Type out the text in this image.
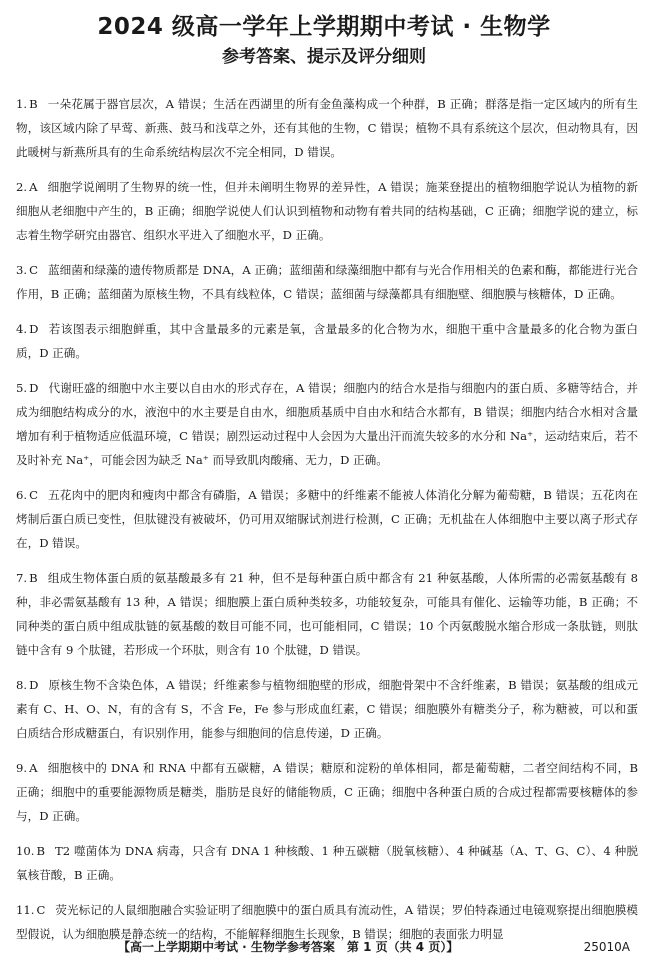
2024 级高一学年上学期期中考试 · 生物学
参考答案、提示及评分细则
1. B 一朵花属于器官层次，A 错误；生活在西湖里的所有金鱼藻构成一个种群，B 正确；群落是指一定区域内的所有生物，该区域内除了早莺、新燕、鼓马和浅草之外，还有其他的生物，C 错误；植物不具有系统这个层次，但动物具有，因此暖树与新燕所具有的生命系统结构层次不完全相同，D 错误。
2. A 细胞学说阐明了生物界的统一性，但并未阐明生物界的差异性，A 错误；施莱登提出的植物细胞学说认为植物的新细胞从老细胞中产生的，B 正确；细胞学说使人们认识到植物和动物有着共同的结构基础，C 正确；细胞学说的建立，标志着生物学研究由器官、组织水平进入了细胞水平，D 正确。
3. C 蓝细菌和绿藻的遗传物质都是 DNA，A 正确；蓝细菌和绿藻细胞中都有与光合作用相关的色素和酶，都能进行光合作用，B 正确；蓝细菌为原核生物，不具有线粒体，C 错误；蓝细菌与绿藻都具有细胞壁、细胞膜与核糖体，D 正确。
4. D 若该图表示细胞鲜重，其中含量最多的元素是氧，含量最多的化合物为水，细胞干重中含量最多的化合物为蛋白质，D 正确。
5. D 代谢旺盛的细胞中水主要以自由水的形式存在，A 错误；细胞内的结合水是指与细胞内的蛋白质、多糖等结合，并成为细胞结构成分的水，液泡中的水主要是自由水，细胞质基质中自由水和结合水都有，B 错误；细胞内结合水相对含量增加有利于植物适应低温环境，C 错误；剧烈运动过程中人会因为大量出汗而流失较多的水分和 Na⁺，运动结束后，若不及时补充 Na⁺，可能会因为缺乏 Na⁺ 而导致肌肉酸痛、无力，D 正确。
6. C 五花肉中的肥肉和瘦肉中都含有磷脂，A 错误；多糖中的纤维素不能被人体消化分解为葡萄糖，B 错误；五花肉在烤制后蛋白质已变性，但肽键没有被破坏，仍可用双缩脲试剂进行检测，C 正确；无机盐在人体细胞中主要以离子形式存在，D 错误。
7. B 组成生物体蛋白质的氨基酸最多有 21 种，但不是每种蛋白质中都含有 21 种氨基酸，人体所需的必需氨基酸有 8 种，非必需氨基酸有 13 种，A 错误；细胞膜上蛋白质种类较多，功能较复杂，可能具有催化、运输等功能，B 正确；不同种类的蛋白质中组成肽链的氨基酸的数目可能不同，也可能相同，C 错误；10 个丙氨酸脱水缩合形成一条肽链，则肽链中含有 9 个肽键，若形成一个环肽，则含有 10 个肽键，D 错误。
8. D 原核生物不含染色体，A 错误；纤维素参与植物细胞壁的形成，细胞骨架中不含纤维素，B 错误；氨基酸的组成元素有 C、H、O、N，有的含有 S，不含 Fe，Fe 参与形成血红素，C 错误；细胞膜外有糖类分子，称为糖被，可以和蛋白质结合形成糖蛋白，有识别作用，能参与细胞间的信息传递，D 正确。
9. A 细胞核中的 DNA 和 RNA 中都有五碳糖，A 错误；糖原和淀粉的单体相同，都是葡萄糖，二者空间结构不同，B 正确；细胞中的重要能源物质是糖类，脂肪是良好的储能物质，C 正确；细胞中各种蛋白质的合成过程都需要核糖体的参与，D 正确。
10. B T2 噬菌体为 DNA 病毒，只含有 DNA 1 种核酸、1 种五碳糖（脱氧核糖）、4 种碱基（A、T、G、C）、4 种脱氧核苷酸，B 正确。
11. C 荧光标记的人鼠细胞融合实验证明了细胞膜中的蛋白质具有流动性，A 错误；罗伯特森通过电镜观察提出细胞膜模型假说，认为细胞膜是静态统一的结构，不能解释细胞生长现象，B 错误；细胞的表面张力明显
【高一上学期期中考试 · 生物学参考答案　第 1 页（共 4 页）】	25010A
